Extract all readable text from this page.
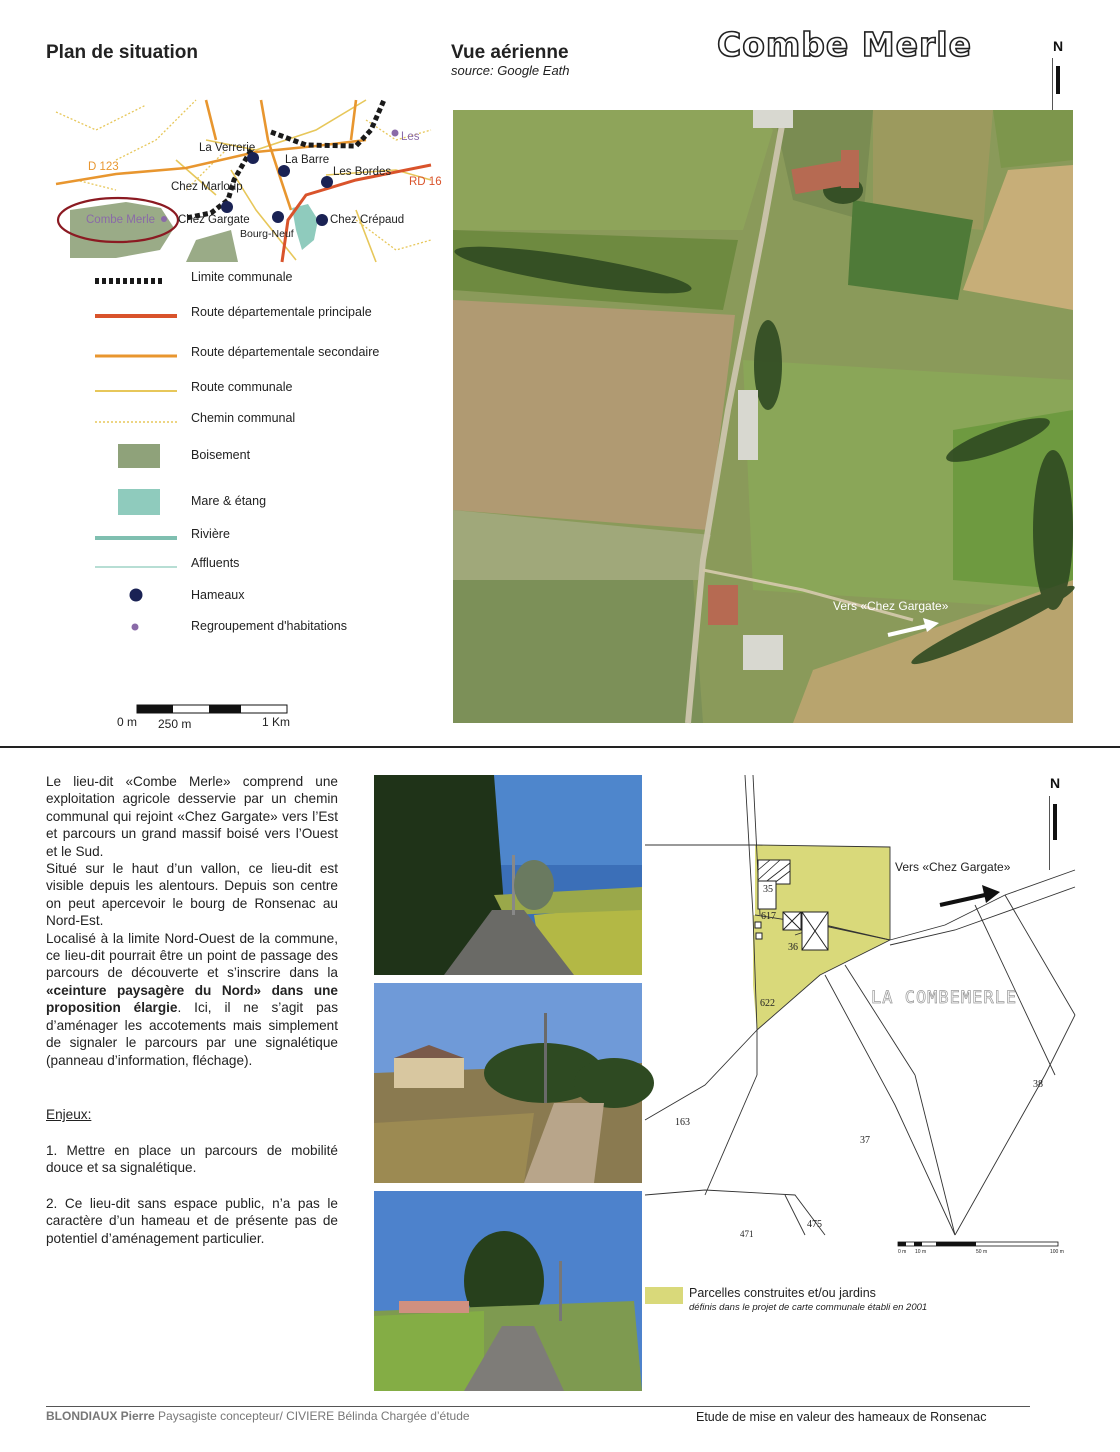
Plan de situation	Vue aérienne
source: Google Eath
Combe Merle	N
D 123
RD 16
La Verrerie
La Barre
Les Bordes
Les
Chez Marloup
Combe Merle Chez Gargate
Bourg-Neuf
Chez Crépaud
Limite communale
Route départementale principale
Route départementale secondaire
Route communale
Chemin communal
Boisement
Mare & étang
Rivière
Affluents
Hameaux
Regroupement d'habitations
0 m 250 m	1 Km
Vers «Chez Gargate»

Le lieu-dit «Combe Merle» comprend une exploitation agricole desservie par un chemin communal qui rejoint «Chez Gargate» vers l’Est et parcours un grand massif boisé vers l’Ouest et le Sud.

Situé sur le haut d’un vallon, ce lieu-dit est visible depuis les alentours. Depuis son centre on peut apercevoir le bourg de Ronsenac au Nord-Est.

Localisé à la limite Nord-Ouest de la commune, ce lieu-dit pourrait être un point de passage des parcours de découverte et s’inscrire dans la «ceinture paysagère du Nord» dans une proposition élargie. Ici, il ne s’agit pas d’aménager les accotements mais simplement de signaler le parcours par une signalétique (panneau d’information, fléchage).

Enjeux:
1. Mettre en place un parcours de mobilité douce et sa signalétique.
2. Ce lieu-dit sans espace public, n’a pas le caractère d’un hameau et de présente pas de potentiel d’aménagement particulier.
N
35
617
36
622
163
37
38
475
471
Vers «Chez Gargate»
LA COMBEMERLE
0 m 10 m	50 m	100 m
Parcelles construites et/ou jardins
définis dans le projet de carte communale établi en 2001
BLONDIAUX Pierre Paysagiste concepteur/ CIVIERE Bélinda Chargée d’étude	Etude de mise en valeur des hameaux de Ronsenac
